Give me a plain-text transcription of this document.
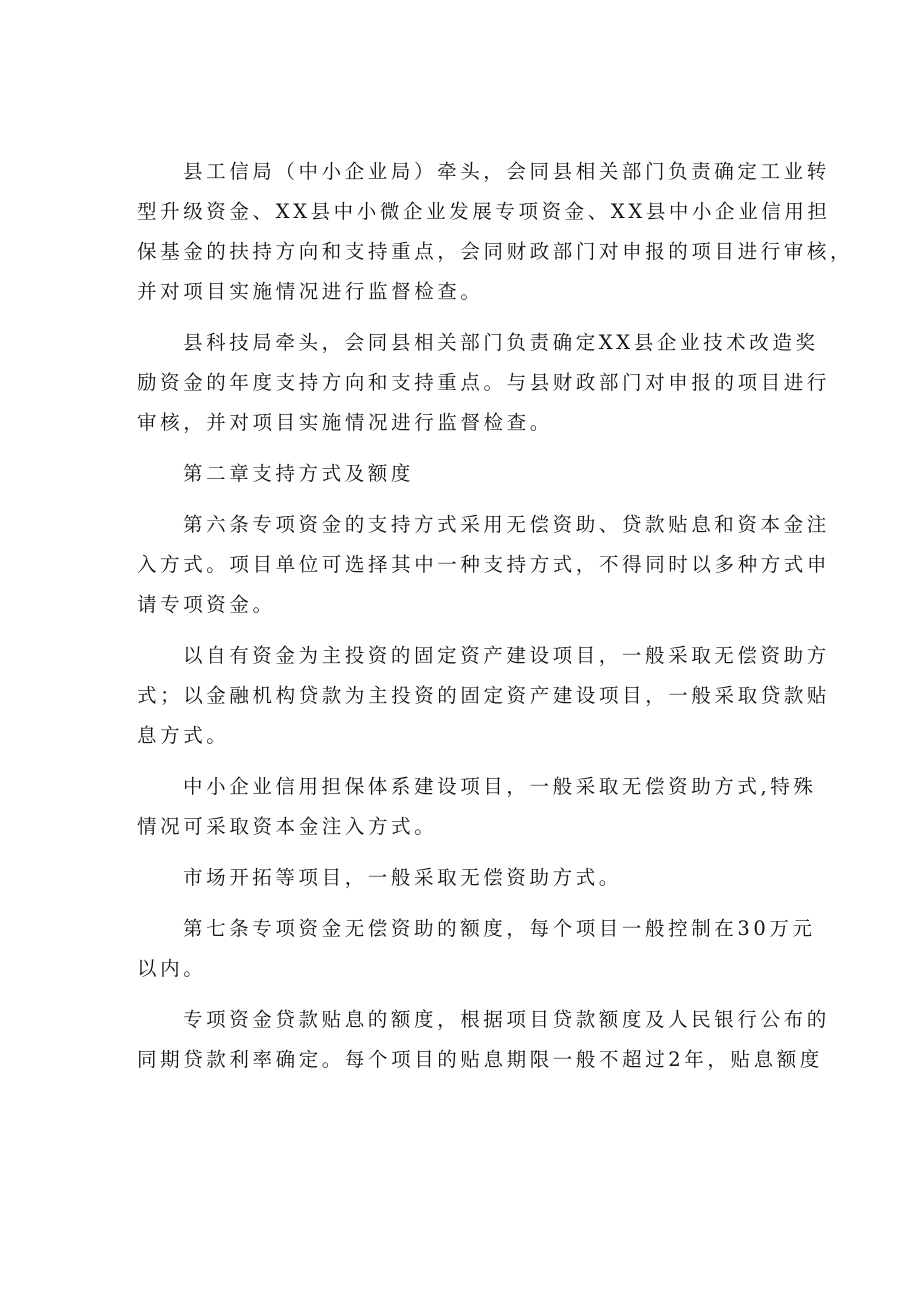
县工信局（中小企业局）牵头，会同县相关部门负责确定工业转
型升级资金、XX县中小微企业发展专项资金、XX县中小企业信用担
保基金的扶持方向和支持重点，会同财政部门对申报的项目进行审核，
并对项目实施情况进行监督检查。
县科技局牵头，会同县相关部门负责确定XX县企业技术改造奖
励资金的年度支持方向和支持重点。与县财政部门对申报的项目进行
审核，并对项目实施情况进行监督检查。
第二章支持方式及额度
第六条专项资金的支持方式采用无偿资助、贷款贴息和资本金注
入方式。项目单位可选择其中一种支持方式，不得同时以多种方式申
请专项资金。
以自有资金为主投资的固定资产建设项目，一般采取无偿资助方
式；以金融机构贷款为主投资的固定资产建设项目，一般采取贷款贴
息方式。
中小企业信用担保体系建设项目，一般采取无偿资助方式,特殊
情况可采取资本金注入方式。
市场开拓等项目，一般采取无偿资助方式。
第七条专项资金无偿资助的额度，每个项目一般控制在30万元
以内。
专项资金贷款贴息的额度，根据项目贷款额度及人民银行公布的
同期贷款利率确定。每个项目的贴息期限一般不超过2年，贴息额度
